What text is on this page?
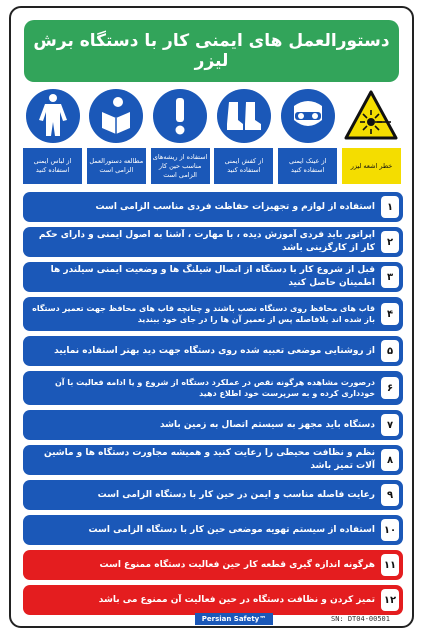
دستورالعمل های ایمنی کار با دستگاه برش لیزر
خطر اشعه لیزر
از عینک ایمنی استفاده کنید
از کفش ایمنی استفاده کنید
استفاده از ریشه‌های مناسب حین کار الزامی است
مطالعه دستورالعمل الزامی است
از لباس ایمنی استفاده کنید
۱
استفاده از لوازم و تجهیزات حفاظت فردی مناسب الزامی است
۲
اپراتور باید فردی آموزش دیده ، با مهارت ، آشنا به اصول ایمنی و دارای حکم کار از کارگزینی باشد
۳
قبل از شروع کار با دستگاه از اتصال شیلنگ ها و وضعیت ایمنی سیلندر ها اطمینان حاصل کنید
۴
قاب های محافظ روی دستگاه نصب باشند و چنانچه قاب های محافظ جهت تعمیر دستگاه باز شده اند بلافاصله پس از تعمیر آن ها را در جای خود ببندید
۵
از روشنایی موضعی تعبیه شده روی دستگاه جهت دید بهتر استفاده نمایید
۶
درصورت مشاهده هرگونه نقص در عملکرد دستگاه از شروع و یا ادامه فعالیت با آن خودداری کرده و به سرپرست خود اطلاع دهید
۷
دستگاه باید مجهز به سیستم اتصال به زمین باشد
۸
نظم و نظافت محیطی را رعایت کنید و همیشه مجاورت دستگاه ها و ماشین آلات تمیز باشد
۹
رعایت فاصله مناسب و ایمن در حین کار با دستگاه الزامی است
۱۰
استفاده از سیستم تهویه موضعی حین کار با دستگاه الزامی است
۱۱
هرگونه اندازه گیری قطعه کار حین فعالیت دستگاه ممنوع است
۱۲
تمیز کردن و نظافت دستگاه در حین فعالیت آن ممنوع می باشد
Persian Safety™	SN: DT04-00501
